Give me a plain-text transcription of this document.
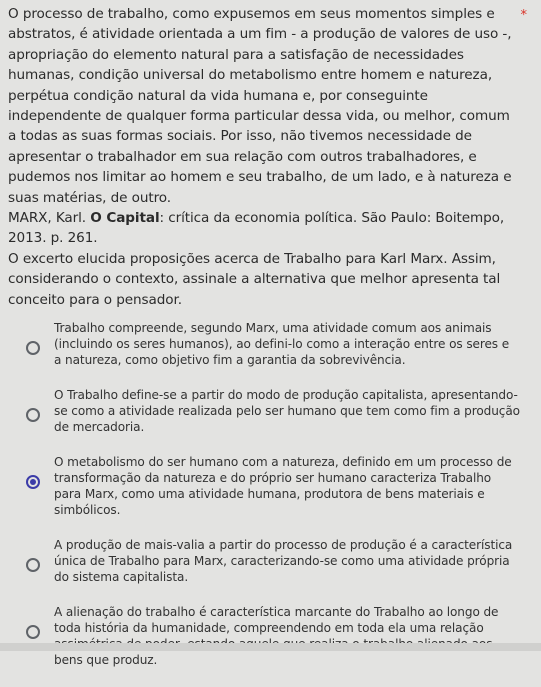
O processo de trabalho, como expusemos em seus momentos simples e abstratos, é atividade orientada a um fim - a produção de valores de uso -, apropriação do elemento natural para a satisfação de necessidades humanas, condição universal do metabolismo entre homem e natureza, perpétua condição natural da vida humana e, por conseguinte independente de qualquer forma particular dessa vida, ou melhor, comum a todas as suas formas sociais. Por isso, não tivemos necessidade de apresentar o trabalhador em sua relação com outros trabalhadores, e pudemos nos limitar ao homem e seu trabalho, de um lado, e à natureza e suas matérias, de outro.

MARX, Karl. O Capital: crítica da economia política. São Paulo: Boitempo, 2013. p. 261.

O excerto elucida proposições acerca de Trabalho para Karl Marx. Assim, considerando o contexto, assinale a alternativa que melhor apresenta tal conceito para o pensador.

*
Trabalho compreende, segundo Marx, uma atividade comum aos animais (incluindo os seres humanos), ao defini-lo como a interação entre os seres e a natureza, como objetivo fim a garantia da sobrevivência.
O Trabalho define-se a partir do modo de produção capitalista, apresentando-se como a atividade realizada pelo ser humano que tem como fim a produção de mercadoria.
O metabolismo do ser humano com a natureza, definido em um processo de transformação da natureza e do próprio ser humano caracteriza Trabalho para Marx, como uma atividade humana, produtora de bens materiais e simbólicos.
A produção de mais-valia a partir do processo de produção é a característica única de Trabalho para Marx, caracterizando-se como uma atividade própria do sistema capitalista.
A alienação do trabalho é característica marcante do Trabalho ao longo de toda história da humanidade, compreendendo em toda ela uma relação bens que produz.
